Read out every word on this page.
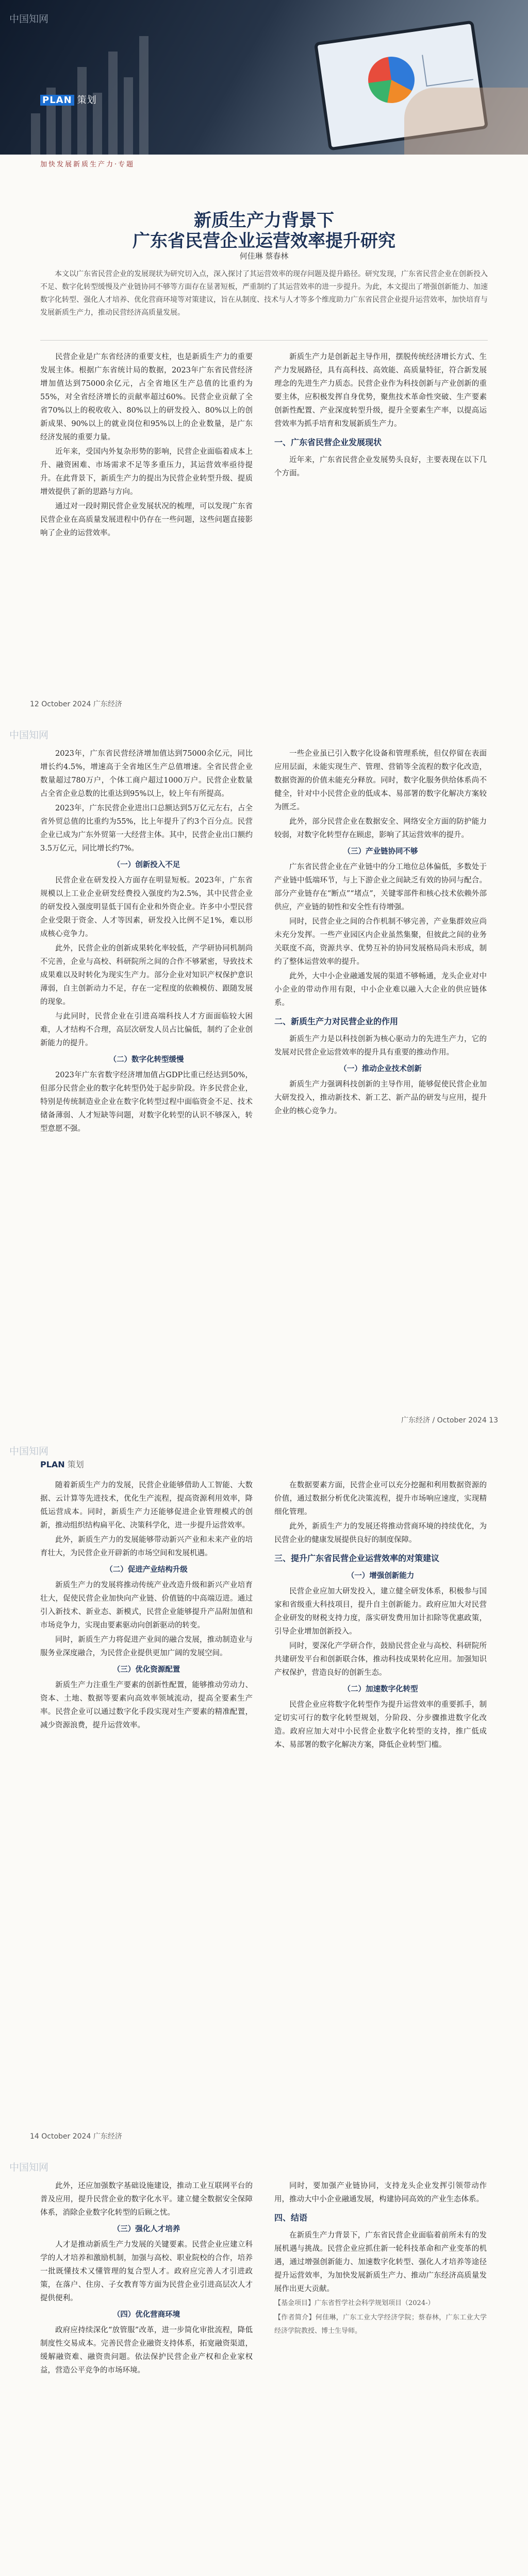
PLAN 策划
中国知网
加快发展新质生产力·专题
新质生产力背景下
广东省民营企业运营效率提升研究
何佳琳 蔡春林
本文以广东省民营企业的发展现状为研究切入点，深入探讨了其运营效率的现存问题及提升路径。研究发现，广东省民营企业在创新投入不足、数字化转型缓慢及产业链协同不够等方面存在显著短板，严重制约了其运营效率的进一步提升。为此，本文提出了增强创新能力、加速数字化转型、强化人才培养、优化营商环境等对策建议，旨在从制度、技术与人才等多个维度助力广东省民营企业提升运营效率，加快培育与发展新质生产力，推动民营经济高质量发展。

民营企业是广东省经济的重要支柱，也是新质生产力的重要发展主体。根据广东省统计局的数据，2023年广东省民营经济增加值达到75000余亿元，占全省地区生产总值的比重约为55%，对全省经济增长的贡献率超过60%。民营企业贡献了全省70%以上的税收收入、80%以上的研发投入、80%以上的创新成果、90%以上的就业岗位和95%以上的企业数量，是广东经济发展的重要力量。

近年来，受国内外复杂形势的影响，民营企业面临着成本上升、融资困难、市场需求不足等多重压力，其运营效率亟待提升。在此背景下，新质生产力的提出为民营企业转型升级、提质增效提供了新的思路与方向。

通过对一段时期民营企业发展状况的梳理，可以发现广东省民营企业在高质量发展进程中仍存在一些问题，这些问题直接影响了企业的运营效率。

新质生产力是创新起主导作用，摆脱传统经济增长方式、生产力发展路径，具有高科技、高效能、高质量特征，符合新发展理念的先进生产力质态。民营企业作为科技创新与产业创新的重要主体，应积极发挥自身优势，聚焦技术革命性突破、生产要素创新性配置、产业深度转型升级，提升全要素生产率，以提高运营效率为抓手培育和发展新质生产力。

一、广东省民营企业发展现状

近年来，广东省民营企业发展势头良好，主要表现在以下几个方面。

12 October 2024 广东经济
中国知网

2023年，广东省民营经济增加值达到75000余亿元，同比增长约4.5%，增速高于全省地区生产总值增速。全省民营企业数量超过780万户，个体工商户超过1000万户。民营企业数量占全省企业总数的比重达到95%以上，较上年有所提高。

2023年，广东民营企业进出口总额达到5万亿元左右，占全省外贸总值的比重约为55%，比上年提升了约3个百分点。民营企业已成为广东外贸第一大经营主体。其中，民营企业出口额约3.5万亿元，同比增长约7%。

（一）创新投入不足

民营企业在研发投入方面存在明显短板。2023年，广东省规模以上工业企业研发经费投入强度约为2.5%，其中民营企业的研发投入强度明显低于国有企业和外资企业。许多中小型民营企业受限于资金、人才等因素，研发投入比例不足1%，难以形成核心竞争力。

此外，民营企业的创新成果转化率较低，产学研协同机制尚不完善，企业与高校、科研院所之间的合作不够紧密，导致技术成果难以及时转化为现实生产力。部分企业对知识产权保护意识薄弱，自主创新动力不足，存在一定程度的依赖模仿、跟随发展的现象。

与此同时，民营企业在引进高端科技人才方面面临较大困难，人才结构不合理，高层次研发人员占比偏低，制约了企业创新能力的提升。

（二）数字化转型缓慢

2023年广东省数字经济增加值占GDP比重已经达到50%，但部分民营企业的数字化转型仍处于起步阶段。许多民营企业，特别是传统制造业企业在数字化转型过程中面临资金不足、技术储备薄弱、人才短缺等问题，对数字化转型的认识不够深入，转型意愿不强。

一些企业虽已引入数字化设备和管理系统，但仅停留在表面应用层面，未能实现生产、管理、营销等全流程的数字化改造，数据资源的价值未能充分释放。同时，数字化服务供给体系尚不健全，针对中小民营企业的低成本、易部署的数字化解决方案较为匮乏。

此外，部分民营企业在数据安全、网络安全方面的防护能力较弱，对数字化转型存在顾虑，影响了其运营效率的提升。

（三）产业链协同不够

广东省民营企业在产业链中的分工地位总体偏低，多数处于产业链中低端环节，与上下游企业之间缺乏有效的协同与配合。部分产业链存在“断点”“堵点”，关键零部件和核心技术依赖外部供应，产业链的韧性和安全性有待增强。

同时，民营企业之间的合作机制不够完善，产业集群效应尚未充分发挥。一些产业园区内企业虽然集聚，但彼此之间的业务关联度不高，资源共享、优势互补的协同发展格局尚未形成，制约了整体运营效率的提升。

此外，大中小企业融通发展的渠道不够畅通，龙头企业对中小企业的带动作用有限，中小企业难以融入大企业的供应链体系。

二、新质生产力对民营企业的作用

新质生产力是以科技创新为核心驱动力的先进生产力，它的发展对民营企业运营效率的提升具有重要的推动作用。

（一）推动企业技术创新

新质生产力强调科技创新的主导作用，能够促使民营企业加大研发投入，推动新技术、新工艺、新产品的研发与应用，提升企业的核心竞争力。

广东经济 / October 2024 13
中国知网
PLAN 策划

随着新质生产力的发展，民营企业能够借助人工智能、大数据、云计算等先进技术，优化生产流程，提高资源利用效率，降低运营成本。同时，新质生产力还能够促进企业管理模式的创新，推动组织结构扁平化、决策科学化，进一步提升运营效率。

此外，新质生产力的发展能够带动新兴产业和未来产业的培育壮大，为民营企业开辟新的市场空间和发展机遇。

（二）促进产业结构升级

新质生产力的发展将推动传统产业改造升级和新兴产业培育壮大，促使民营企业加快向产业链、价值链的中高端迈进。通过引入新技术、新业态、新模式，民营企业能够提升产品附加值和市场竞争力，实现由要素驱动向创新驱动的转变。

同时，新质生产力将促进产业间的融合发展，推动制造业与服务业深度融合，为民营企业提供更加广阔的发展空间。

（三）优化资源配置

新质生产力注重生产要素的创新性配置，能够推动劳动力、资本、土地、数据等要素向高效率领域流动，提高全要素生产率。民营企业可以通过数字化手段实现对生产要素的精准配置，减少资源浪费，提升运营效率。

在数据要素方面，民营企业可以充分挖掘和利用数据资源的价值，通过数据分析优化决策流程，提升市场响应速度，实现精细化管理。

此外，新质生产力的发展还将推动营商环境的持续优化，为民营企业的健康发展提供良好的制度保障。

三、提升广东省民营企业运营效率的对策建议
（一）增强创新能力

民营企业应加大研发投入，建立健全研发体系，积极参与国家和省级重大科技项目，提升自主创新能力。政府应加大对民营企业研发的财税支持力度，落实研发费用加计扣除等优惠政策，引导企业增加创新投入。

同时，要深化产学研合作，鼓励民营企业与高校、科研院所共建研发平台和创新联合体，推动科技成果转化应用。加强知识产权保护，营造良好的创新生态。

（二）加速数字化转型

民营企业应将数字化转型作为提升运营效率的重要抓手，制定切实可行的数字化转型规划，分阶段、分步骤推进数字化改造。政府应加大对中小民营企业数字化转型的支持，推广低成本、易部署的数字化解决方案，降低企业转型门槛。

14 October 2024 广东经济
中国知网

此外，还应加强数字基础设施建设，推动工业互联网平台的普及应用，提升民营企业的数字化水平。建立健全数据安全保障体系，消除企业数字化转型的后顾之忧。

（三）强化人才培养

人才是推动新质生产力发展的关键要素。民营企业应建立科学的人才培养和激励机制，加强与高校、职业院校的合作，培养一批既懂技术又懂管理的复合型人才。政府应完善人才引进政策，在落户、住房、子女教育等方面为民营企业引进高层次人才提供便利。

（四）优化营商环境

政府应持续深化“放管服”改革，进一步简化审批流程，降低制度性交易成本。完善民营企业融资支持体系，拓宽融资渠道，缓解融资难、融资贵问题。依法保护民营企业产权和企业家权益，营造公平竞争的市场环境。

同时，要加强产业链协同，支持龙头企业发挥引领带动作用，推动大中小企业融通发展，构建协同高效的产业生态体系。

四、结语

在新质生产力背景下，广东省民营企业面临着前所未有的发展机遇与挑战。民营企业应抓住新一轮科技革命和产业变革的机遇，通过增强创新能力、加速数字化转型、强化人才培养等途径提升运营效率，为加快发展新质生产力、推动广东经济高质量发展作出更大贡献。

【基金项目】广东省哲学社会科学规划项目（2024-）

【作者简介】何佳琳，广东工业大学经济学院；蔡春林，广东工业大学经济学院教授、博士生导师。
